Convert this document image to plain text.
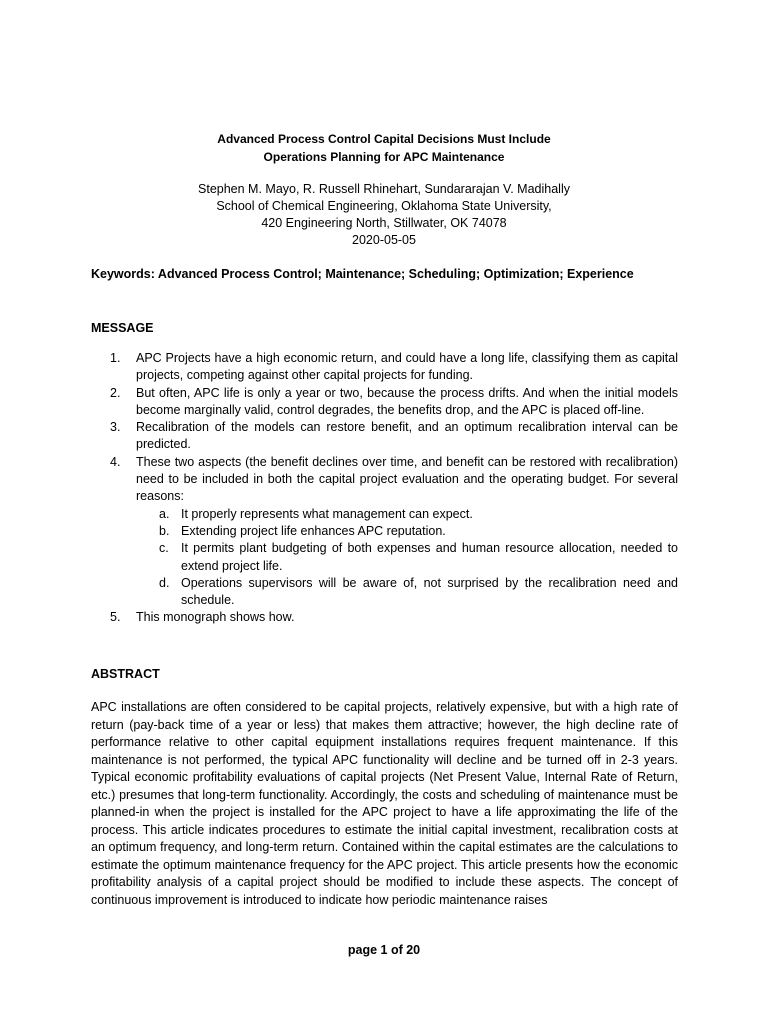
Advanced Process Control Capital Decisions Must Include
Operations Planning for APC Maintenance
Stephen M. Mayo, R. Russell Rhinehart, Sundararajan V. Madihally
School of Chemical Engineering, Oklahoma State University,
420 Engineering North, Stillwater, OK 74078
2020-05-05
Keywords: Advanced Process Control; Maintenance; Scheduling; Optimization; Experience
MESSAGE
1. APC Projects have a high economic return, and could have a long life, classifying them as capital projects, competing against other capital projects for funding.
2. But often, APC life is only a year or two, because the process drifts. And when the initial models become marginally valid, control degrades, the benefits drop, and the APC is placed off-line.
3. Recalibration of the models can restore benefit, and an optimum recalibration interval can be predicted.
4. These two aspects (the benefit declines over time, and benefit can be restored with recalibration) need to be included in both the capital project evaluation and the operating budget. For several reasons:
a. It properly represents what management can expect.
b. Extending project life enhances APC reputation.
c. It permits plant budgeting of both expenses and human resource allocation, needed to extend project life.
d. Operations supervisors will be aware of, not surprised by the recalibration need and schedule.
5. This monograph shows how.
ABSTRACT

APC installations are often considered to be capital projects, relatively expensive, but with a high rate of return (pay-back time of a year or less) that makes them attractive; however, the high decline rate of performance relative to other capital equipment installations requires frequent maintenance. If this maintenance is not performed, the typical APC functionality will decline and be turned off in 2-3 years. Typical economic profitability evaluations of capital projects (Net Present Value, Internal Rate of Return, etc.) presumes that long-term functionality. Accordingly, the costs and scheduling of maintenance must be planned-in when the project is installed for the APC project to have a life approximating the life of the process. This article indicates procedures to estimate the initial capital investment, recalibration costs at an optimum frequency, and long-term return. Contained within the capital estimates are the calculations to estimate the optimum maintenance frequency for the APC project. This article presents how the economic profitability analysis of a capital project should be modified to include these aspects. The concept of continuous improvement is introduced to indicate how periodic maintenance raises

page 1 of 20
